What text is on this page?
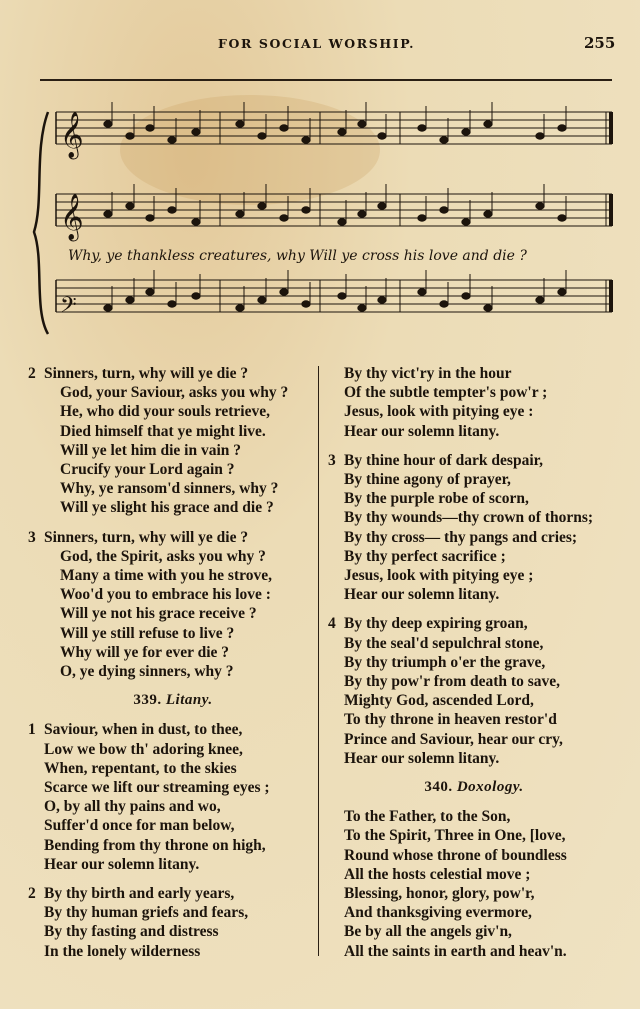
FOR SOCIAL WORSHIP.	255
𝄞
𝄞
𝄢
Why, ye thankless creatures, why Will ye cross his love and die ?
2 Sinners, turn, why will ye die ?
God, your Saviour, asks you why ?
He, who did your souls retrieve,
Died himself that ye might live.
Will ye let him die in vain ?
Crucify your Lord again ?
Why, ye ransom'd sinners, why ?
Will ye slight his grace and die ?
3 Sinners, turn, why will ye die ?
God, the Spirit, asks you why ?
Many a time with you he strove,
Woo'd you to embrace his love :
Will ye not his grace receive ?
Will ye still refuse to live ?
Why will ye for ever die ?
O, ye dying sinners, why ?
339. Litany.
1 Saviour, when in dust, to thee,
Low we bow th' adoring knee,
When, repentant, to the skies
Scarce we lift our streaming eyes ;
O, by all thy pains and wo,
Suffer'd once for man below,
Bending from thy throne on high,
Hear our solemn litany.
2 By thy birth and early years,
By thy human griefs and fears,
By thy fasting and distress
In the lonely wilderness
By thy vict'ry in the hour
Of the subtle tempter's pow'r ;
Jesus, look with pitying eye :
Hear our solemn litany.
3 By thine hour of dark despair,
By thine agony of prayer,
By the purple robe of scorn,
By thy wounds—thy crown of thorns;
By thy cross— thy pangs and cries;
By thy perfect sacrifice ;
Jesus, look with pitying eye ;
Hear our solemn litany.
4 By thy deep expiring groan,
By the seal'd sepulchral stone,
By thy triumph o'er the grave,
By thy pow'r from death to save,
Mighty God, ascended Lord,
To thy throne in heaven restor'd
Prince and Saviour, hear our cry,
Hear our solemn litany.
340. Doxology.
To the Father, to the Son,
To the Spirit, Three in One, [love,
Round whose throne of boundless
All the hosts celestial move ;
Blessing, honor, glory, pow'r,
And thanksgiving evermore,
Be by all the angels giv'n,
All the saints in earth and heav'n.
